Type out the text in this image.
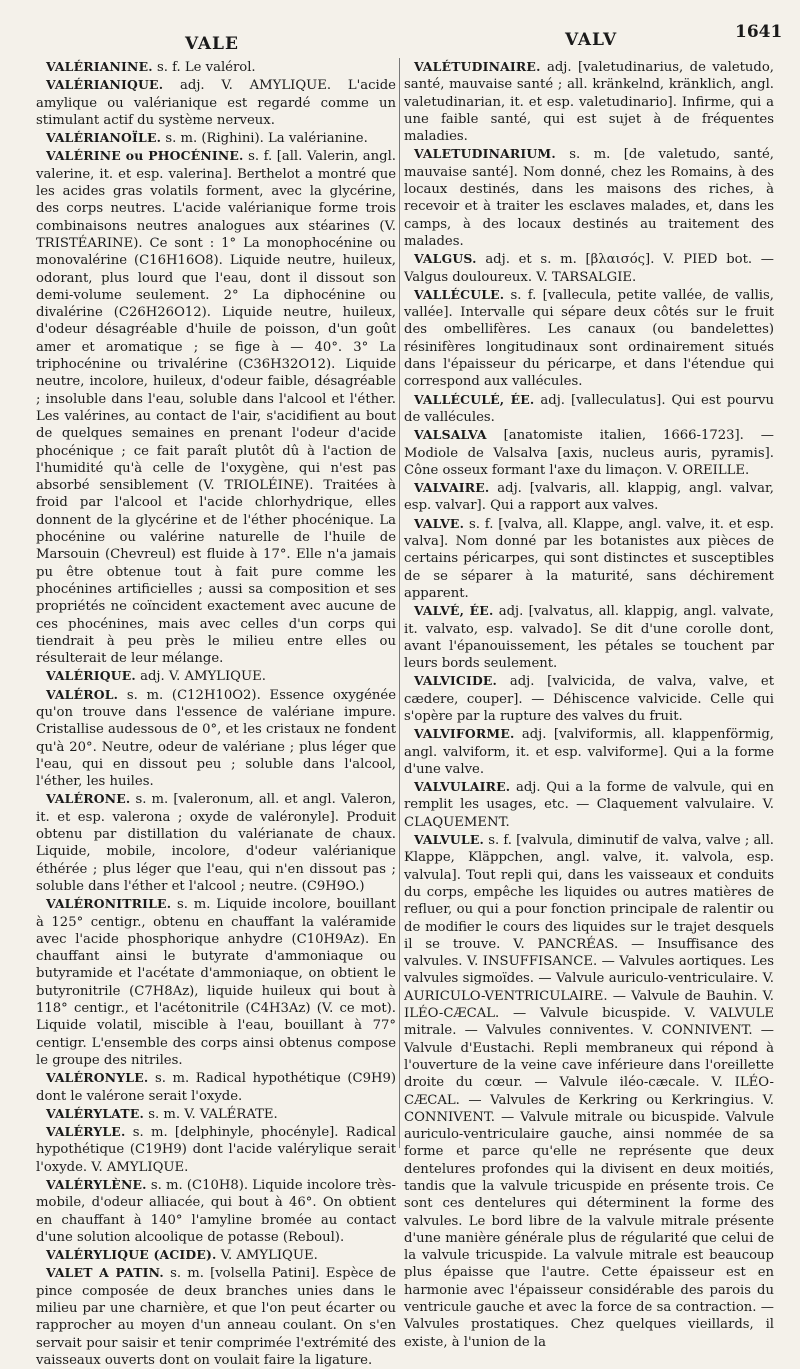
VALE	VALV	1641

VALÉRIANINE. s. f. Le valérol.

VALÉRIANIQUE. adj. V. AMYLIQUE. L'acide amylique ou valérianique est regardé comme un stimulant actif du système nerveux.

VALÉRIANOÏLE. s. m. (Righini). La valérianine.

VALÉRINE ou PHOCÉNINE. s. f. [all. Valerin, angl. valerine, it. et esp. valerina]. Berthelot a montré que les acides gras volatils forment, avec la glycérine, des corps neutres. L'acide valérianique forme trois combinaisons neutres analogues aux stéarines (V. TRISTÉARINE). Ce sont : 1° La monophocénine ou monovalérine (C16H16O8). Liquide neutre, huileux, odorant, plus lourd que l'eau, dont il dissout son demi-volume seulement. 2° La diphocénine ou divalérine (C26H26O12). Liquide neutre, huileux, d'odeur désagréable d'huile de poisson, d'un goût amer et aromatique ; se fige à — 40°. 3° La triphocénine ou trivalérine (C36H32O12). Liquide neutre, incolore, huileux, d'odeur faible, désagréable ; insoluble dans l'eau, soluble dans l'alcool et l'éther. Les valérines, au contact de l'air, s'acidifient au bout de quelques semaines en prenant l'odeur d'acide phocénique ; ce fait paraît plutôt dû à l'action de l'humidité qu'à celle de l'oxygène, qui n'est pas absorbé sensiblement (V. TRIOLÉINE). Traitées à froid par l'alcool et l'acide chlorhydrique, elles donnent de la glycérine et de l'éther phocénique. La phocénine ou valérine naturelle de l'huile de Marsouin (Chevreul) est fluide à 17°. Elle n'a jamais pu être obtenue tout à fait pure comme les phocénines artificielles ; aussi sa composition et ses propriétés ne coïncident exactement avec aucune de ces phocénines, mais avec celles d'un corps qui tiendrait à peu près le milieu entre elles ou résulterait de leur mélange.

VALÉRIQUE. adj. V. AMYLIQUE.

VALÉROL. s. m. (C12H10O2). Essence oxygénée qu'on trouve dans l'essence de valériane impure. Cristallise audessous de 0°, et les cristaux ne fondent qu'à 20°. Neutre, odeur de valériane ; plus léger que l'eau, qui en dissout peu ; soluble dans l'alcool, l'éther, les huiles.

VALÉRONE. s. m. [valeronum, all. et angl. Valeron, it. et esp. valerona ; oxyde de valéronyle]. Produit obtenu par distillation du valérianate de chaux. Liquide, mobile, incolore, d'odeur valérianique éthérée ; plus léger que l'eau, qui n'en dissout pas ; soluble dans l'éther et l'alcool ; neutre. (C9H9O.)

VALÉRONITRILE. s. m. Liquide incolore, bouillant à 125° centigr., obtenu en chauffant la valéramide avec l'acide phosphorique anhydre (C10H9Az). En chauffant ainsi le butyrate d'ammoniaque ou butyramide et l'acétate d'ammoniaque, on obtient le butyronitrile (C7H8Az), liquide huileux qui bout à 118° centigr., et l'acétonitrile (C4H3Az) (V. ce mot). Liquide volatil, miscible à l'eau, bouillant à 77° centigr. L'ensemble des corps ainsi obtenus compose le groupe des nitriles.

VALÉRONYLE. s. m. Radical hypothétique (C9H9) dont le valérone serait l'oxyde.

VALÉRYLATE. s. m. V. VALÉRATE.

VALÉRYLE. s. m. [delphinyle, phocényle]. Radical hypothétique (C19H9) dont l'acide valérylique serait l'oxyde. V. AMYLIQUE.

VALÉRYLÈNE. s. m. (C10H8). Liquide incolore très-mobile, d'odeur alliacée, qui bout à 46°. On obtient en chauffant à 140° l'amyline bromée au contact d'une solution alcoolique de potasse (Reboul).

VALÉRYLIQUE (ACIDE). V. AMYLIQUE.

VALET A PATIN. s. m. [volsella Patini]. Espèce de pince composée de deux branches unies dans le milieu par une charnière, et que l'on peut écarter ou rapprocher au moyen d'un anneau coulant. On s'en servait pour saisir et tenir comprimée l'extrémité des vaisseaux ouverts dont on voulait faire la ligature.

VALÉTUDINAIRE. adj. [valetudinarius, de valetudo, santé, mauvaise santé ; all. kränkelnd, kränklich, angl. valetudinarian, it. et esp. valetudinario]. Infirme, qui a une faible santé, qui est sujet à de fréquentes maladies.

VALETUDINARIUM. s. m. [de valetudo, santé, mauvaise santé]. Nom donné, chez les Romains, à des locaux destinés, dans les maisons des riches, à recevoir et à traiter les esclaves malades, et, dans les camps, à des locaux destinés au traitement des malades.

VALGUS. adj. et s. m. [βλαισός]. V. PIED bot. — Valgus douloureux. V. TARSALGIE.

VALLÉCULE. s. f. [vallecula, petite vallée, de vallis, vallée]. Intervalle qui sépare deux côtés sur le fruit des ombellifères. Les canaux (ou bandelettes) résinifères longitudinaux sont ordinairement situés dans l'épaisseur du péricarpe, et dans l'étendue qui correspond aux vallécules.

VALLÉCULÉ, ÉE. adj. [valleculatus]. Qui est pourvu de vallécules.

VALSALVA [anatomiste italien, 1666-1723]. — Modiole de Valsalva [axis, nucleus auris, pyramis]. Cône osseux formant l'axe du limaçon. V. OREILLE.

VALVAIRE. adj. [valvaris, all. klappig, angl. valvar, esp. valvar]. Qui a rapport aux valves.

VALVE. s. f. [valva, all. Klappe, angl. valve, it. et esp. valva]. Nom donné par les botanistes aux pièces de certains péricarpes, qui sont distinctes et susceptibles de se séparer à la maturité, sans déchirement apparent.

VALVÉ, ÉE. adj. [valvatus, all. klappig, angl. valvate, it. valvato, esp. valvado]. Se dit d'une corolle dont, avant l'épanouissement, les pétales se touchent par leurs bords seulement.

VALVICIDE. adj. [valvicida, de valva, valve, et cædere, couper]. — Déhiscence valvicide. Celle qui s'opère par la rupture des valves du fruit.

VALVIFORME. adj. [valviformis, all. klappenförmig, angl. valviform, it. et esp. valviforme]. Qui a la forme d'une valve.

VALVULAIRE. adj. Qui a la forme de valvule, qui en remplit les usages, etc. — Claquement valvulaire. V. CLAQUEMENT.

VALVULE. s. f. [valvula, diminutif de valva, valve ; all. Klappe, Kläppchen, angl. valve, it. valvola, esp. valvula]. Tout repli qui, dans les vaisseaux et conduits du corps, empêche les liquides ou autres matières de refluer, ou qui a pour fonction principale de ralentir ou de modifier le cours des liquides sur le trajet desquels il se trouve. V. PANCRÉAS. — Insuffisance des valvules. V. INSUFFISANCE. — Valvules aortiques. Les valvules sigmoïdes. — Valvule auriculo-ventriculaire. V. AURICULO-VENTRICULAIRE. — Valvule de Bauhin. V. ILÉO-CÆCAL. — Valvule bicuspide. V. VALVULE mitrale. — Valvules conniventes. V. CONNIVENT. — Valvule d'Eustachi. Repli membraneux qui répond à l'ouverture de la veine cave inférieure dans l'oreillette droite du cœur. — Valvule iléo-cæcale. V. ILÉO-CÆCAL. — Valvules de Kerkring ou Kerkringius. V. CONNIVENT. — Valvule mitrale ou bicuspide. Valvule auriculo-ventriculaire gauche, ainsi nommée de sa forme et parce qu'elle ne représente que deux dentelures profondes qui la divisent en deux moitiés, tandis que la valvule tricuspide en présente trois. Ce sont ces dentelures qui déterminent la forme des valvules. Le bord libre de la valvule mitrale présente d'une manière générale plus de régularité que celui de la valvule tricuspide. La valvule mitrale est beaucoup plus épaisse que l'autre. Cette épaisseur est en harmonie avec l'épaisseur considérable des parois du ventricule gauche et avec la force de sa contraction. — Valvules prostatiques. Chez quelques vieillards, il existe, à l'union de la
